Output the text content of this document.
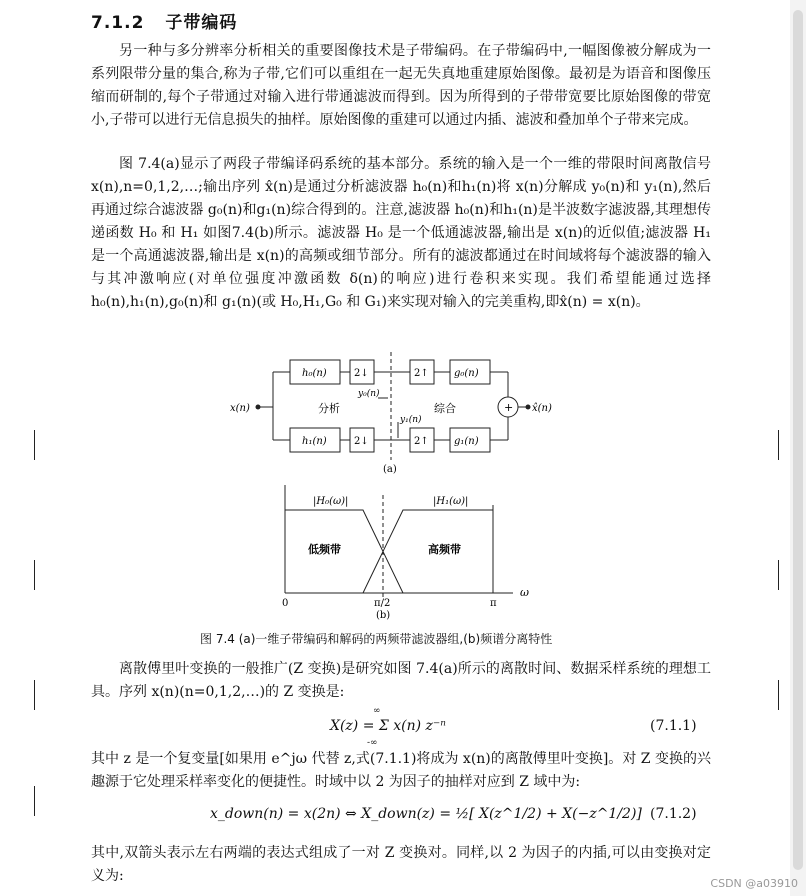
7.1.2 子带编码

另一种与多分辨率分析相关的重要图像技术是子带编码。在子带编码中,一幅图像被分解成为一系列限带分量的集合,称为子带,它们可以重组在一起无失真地重建原始图像。最初是为语音和图像压缩而研制的,每个子带通过对输入进行带通滤波而得到。因为所得到的子带带宽要比原始图像的带宽小,子带可以进行无信息损失的抽样。原始图像的重建可以通过内插、滤波和叠加单个子带来完成。

图 7.4(a)显示了两段子带编译码系统的基本部分。系统的输入是一个一维的带限时间离散信号 x(n),n=0,1,2,…;输出序列 x̂(n)是通过分析滤波器 h₀(n)和h₁(n)将 x(n)分解成 y₀(n)和 y₁(n),然后再通过综合滤波器 g₀(n)和g₁(n)综合得到的。注意,滤波器 h₀(n)和h₁(n)是半波数字滤波器,其理想传递函数 H₀ 和 H₁ 如图7.4(b)所示。滤波器 H₀ 是一个低通滤波器,输出是 x(n)的近似值;滤波器 H₁ 是一个高通滤波器,输出是 x(n)的高频或细节部分。所有的滤波都通过在时间域将每个滤波器的输入与其冲激响应(对单位强度冲激函数 δ(n)的响应)进行卷积来实现。我们希望能通过选择h₀(n),h₁(n),g₀(n)和 g₁(n)(或 H₀,H₁,G₀ 和 G₁)来实现对输入的完美重构,即x̂(n) = x(n)。

x(n)	x̂(n)
h₀(n)
h₁(n)
2↓
2↓
2↑
2↑
g₀(n)
g₁(n)
y₀(n)
y₁(n)
分析	综合	+
(a)
|H₀(ω)|	|H₁(ω)|
低频带	高频带
0	π/2	π
ω
(b)
图 7.4 (a)一维子带编码和解码的两频带滤波器组,(b)频谱分离特性

离散傅里叶变换的一般推广(Z 变换)是研究如图 7.4(a)所示的离散时间、数据采样系统的理想工具。序列 x(n)(n=0,1,2,…)的 Z 变换是:

X(z) = Σ x(n) z⁻ⁿ
∞
-∞
(7.1.1)

其中 z 是一个复变量[如果用 e^jω 代替 z,式(7.1.1)将成为 x(n)的离散傅里叶变换]。对 Z 变换的兴趣源于它处理采样率变化的便捷性。时域中以 2 为因子的抽样对应到 Z 域中为:

x_down(n) = x(2n) ⇔ X_down(z) = ½[ X(z^1/2) + X(−z^1/2)] (7.1.2)

其中,双箭头表示左右两端的表达式组成了一对 Z 变换对。同样,以 2 为因子的内插,可以由变换对定义为:	CSDN @a03910
